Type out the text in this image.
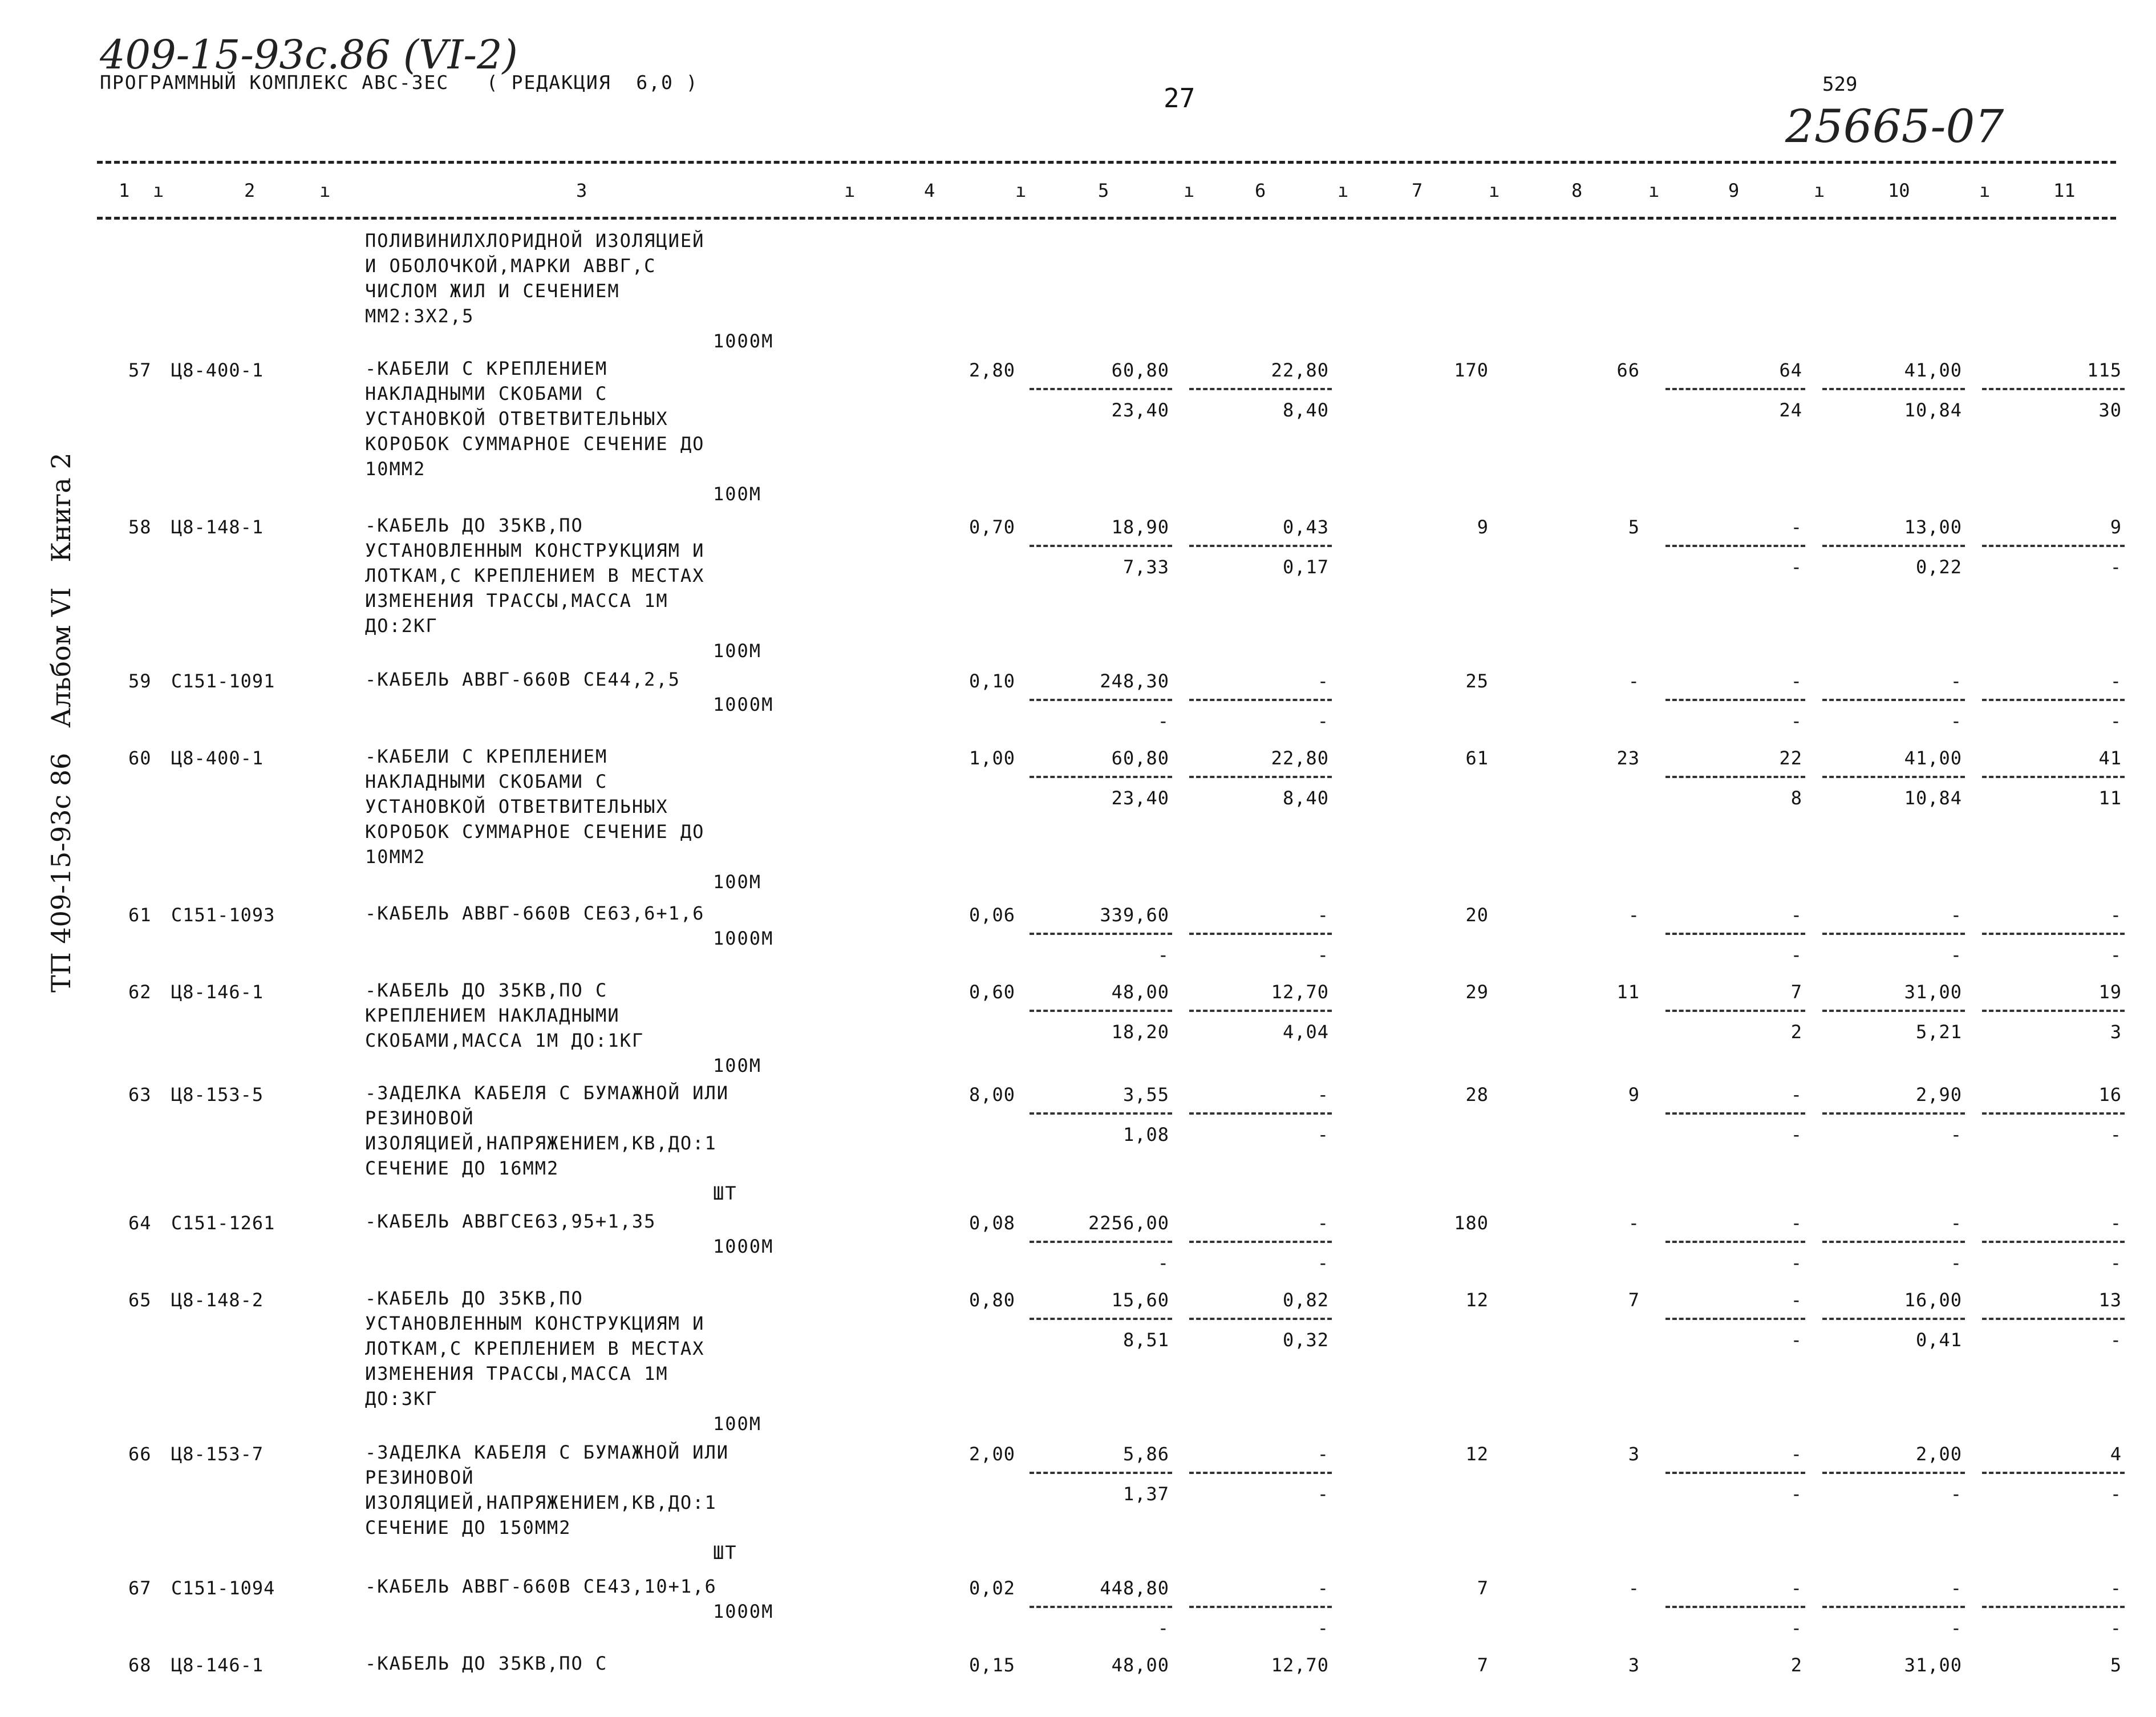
409-15-93с.86 (VI-2)
ПРОГРАММНЫЙ КОМПЛЕКС АВС-3ЕС   ( РЕДАКЦИЯ  6,0 )
27	529
25665-07
ТП 409-15-93с 86   Альбом VI   Книга 2
1	2	3	4	5	6	7	8	9	10	11
ı	ı	ı	ı	ı	ı	ı	ı	ı	ı
ПОЛИВИНИЛХЛОРИДНОЙ ИЗОЛЯЦИЕЙ
И ОБОЛОЧКОЙ,МАРКИ АВВГ,С
ЧИСЛОМ ЖИЛ И СЕЧЕНИЕМ
ММ2:3Х2,5
1000М
57 Ц8-400-1	-КАБЕЛИ С КРЕПЛЕНИЕМ
НАКЛАДНЫМИ СКОБАМИ С
УСТАНОВКОЙ ОТВЕТВИТЕЛЬНЫХ
КОРОБОК СУММАРНОЕ СЕЧЕНИЕ ДО
10ММ2
100М
2,80	60,80	22,80	170	66	64	41,00	115
23,40	8,40	24	10,84	30
58 Ц8-148-1	-КАБЕЛЬ ДО 35КВ,ПО
УСТАНОВЛЕННЫМ КОНСТРУКЦИЯМ И
ЛОТКАМ,С КРЕПЛЕНИЕМ В МЕСТАХ
ИЗМЕНЕНИЯ ТРАССЫ,МАССА 1М
ДО:2КГ
100М
0,70	18,90	0,43	9	5	-	13,00	9
7,33	0,17	-	0,22	-
59 С151-1091	-КАБЕЛЬ АВВГ-660В СЕ44,2,5
1000М
0,10	248,30	-	25	-	-	-	-
-	-	-	-	-
60 Ц8-400-1	-КАБЕЛИ С КРЕПЛЕНИЕМ
НАКЛАДНЫМИ СКОБАМИ С
УСТАНОВКОЙ ОТВЕТВИТЕЛЬНЫХ
КОРОБОК СУММАРНОЕ СЕЧЕНИЕ ДО
10ММ2
100М
1,00	60,80	22,80	61	23	22	41,00	41
23,40	8,40	8	10,84	11
61 С151-1093	-КАБЕЛЬ АВВГ-660В СЕ63,6+1,6
1000М
0,06	339,60	-	20	-	-	-	-
-	-	-	-	-
62 Ц8-146-1	-КАБЕЛЬ ДО 35КВ,ПО С
КРЕПЛЕНИЕМ НАКЛАДНЫМИ
СКОБАМИ,МАССА 1М ДО:1КГ
100М
0,60	48,00	12,70	29	11	7	31,00	19
18,20	4,04	2	5,21	3
63 Ц8-153-5	-ЗАДЕЛКА КАБЕЛЯ С БУМАЖНОЙ ИЛИ
РЕЗИНОВОЙ
ИЗОЛЯЦИЕЙ,НАПРЯЖЕНИЕМ,КВ,ДО:1
СЕЧЕНИЕ ДО 16ММ2
ШТ
8,00	3,55	-	28	9	-	2,90	16
1,08	-	-	-	-
64 С151-1261	-КАБЕЛЬ АВВГСЕ63,95+1,35
1000М
0,08	2256,00	-	180	-	-	-	-
-	-	-	-	-
65 Ц8-148-2	-КАБЕЛЬ ДО 35КВ,ПО
УСТАНОВЛЕННЫМ КОНСТРУКЦИЯМ И
ЛОТКАМ,С КРЕПЛЕНИЕМ В МЕСТАХ
ИЗМЕНЕНИЯ ТРАССЫ,МАССА 1М
ДО:3КГ
100М
0,80	15,60	0,82	12	7	-	16,00	13
8,51	0,32	-	0,41	-
66 Ц8-153-7	-ЗАДЕЛКА КАБЕЛЯ С БУМАЖНОЙ ИЛИ
РЕЗИНОВОЙ
ИЗОЛЯЦИЕЙ,НАПРЯЖЕНИЕМ,КВ,ДО:1
СЕЧЕНИЕ ДО 150ММ2
ШТ
2,00	5,86	-	12	3	-	2,00	4
1,37	-	-	-	-
67 С151-1094	-КАБЕЛЬ АВВГ-660В СЕ43,10+1,6
1000М
0,02	448,80	-	7	-	-	-	-
-	-	-	-	-
68 Ц8-146-1	-КАБЕЛЬ ДО 35КВ,ПО С	0,15	48,00	12,70	7	3	2	31,00	5
